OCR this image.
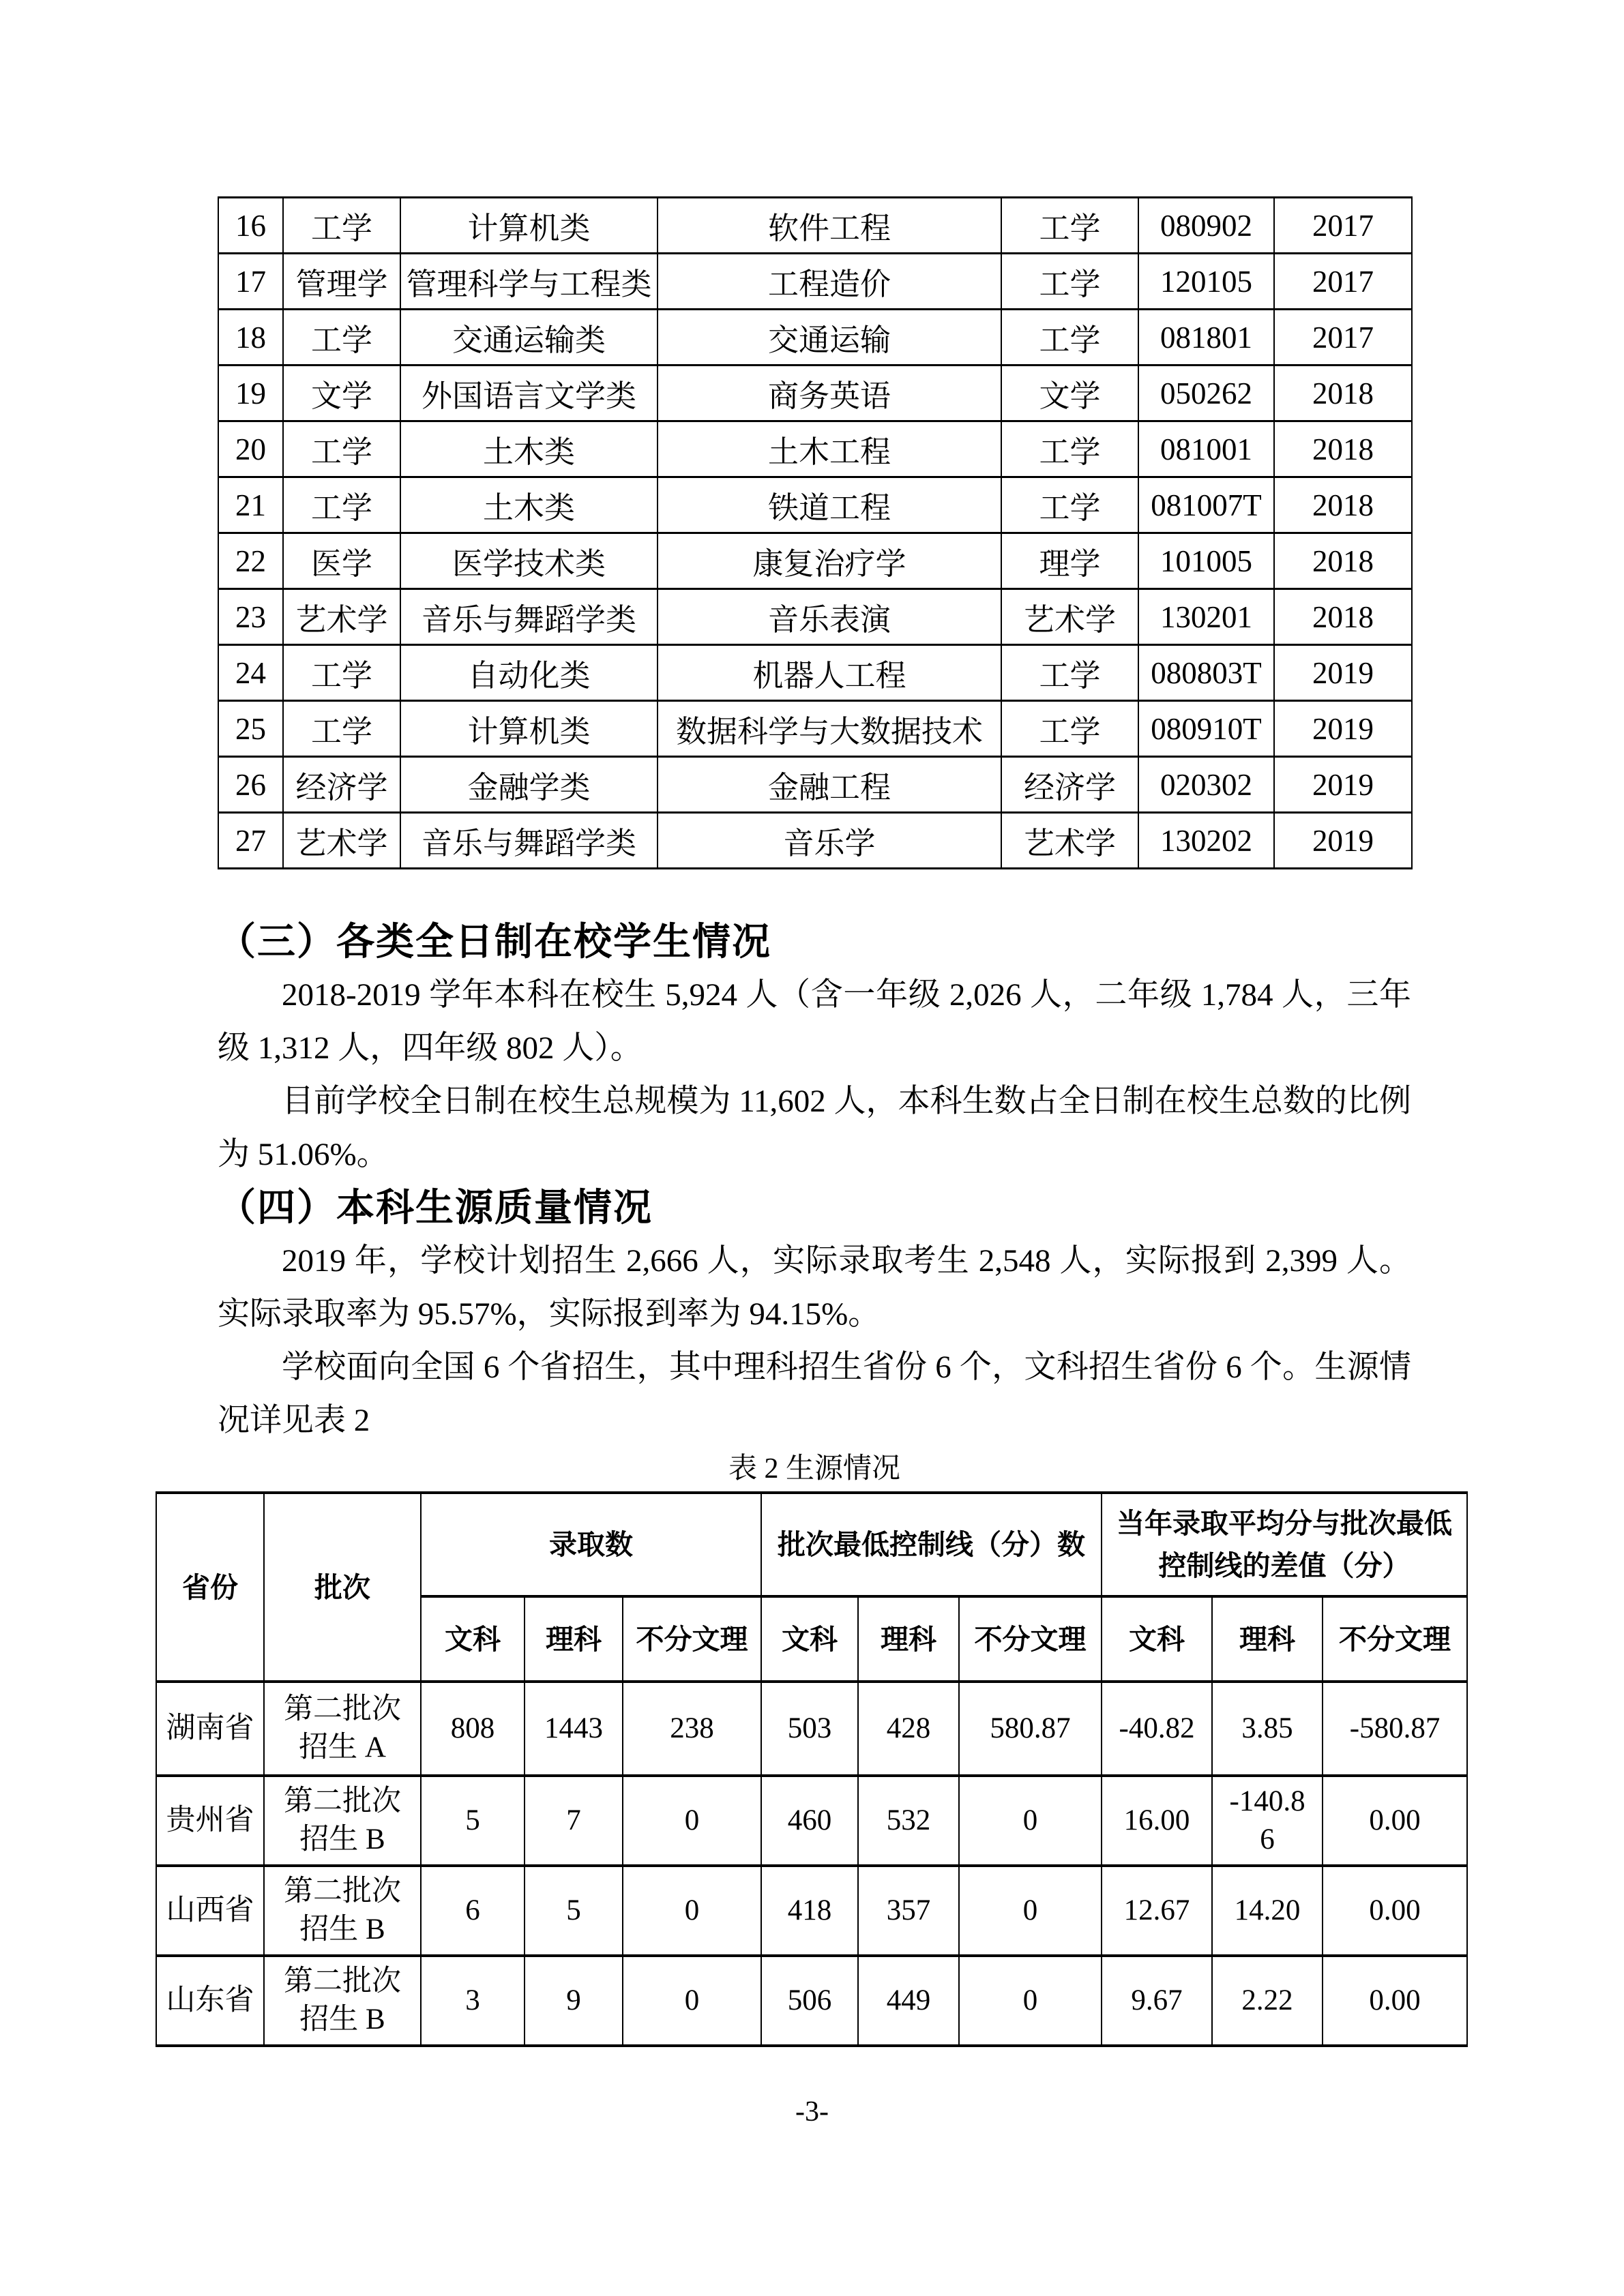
16	工学	计算机类	软件工程	工学	080902	2017
17	管理学	管理科学与工程类	工程造价	工学	120105	2017
18	工学	交通运输类	交通运输	工学	081801	2017
19	文学	外国语言文学类	商务英语	文学	050262	2018
20	工学	土木类	土木工程	工学	081001	2018
21	工学	土木类	铁道工程	工学	081007T	2018
22	医学	医学技术类	康复治疗学	理学	101005	2018
23	艺术学	音乐与舞蹈学类	音乐表演	艺术学	130201	2018
24	工学	自动化类	机器人工程	工学	080803T	2019
25	工学	计算机类	数据科学与大数据技术	工学	080910T	2019
26	经济学	金融学类	金融工程	经济学	020302	2019
27	艺术学	音乐与舞蹈学类	音乐学	艺术学	130202	2019
（三）各类全日制在校学生情况

2018-2019 学年本科在校生 5,924 人（含一年级 2,026 人，二年级 1,784 人，三年级 1,312 人，四年级 802 人）。

目前学校全日制在校生总规模为 11,602 人，本科生数占全日制在校生总数的比例为 51.06%。

（四）本科生源质量情况

2019 年，学校计划招生 2,666 人，实际录取考生 2,548 人，实际报到 2,399 人。实际录取率为 95.57%，实际报到率为 94.15%。

学校面向全国 6 个省招生，其中理科招生省份 6 个，文科招生省份 6 个。生源情况详见表 2

表 2 生源情况
省份	批次	录取数			批次最低控制线（分）数			当年录取平均分与批次最低控制线的差值（分）		
		文科	理科	不分文理	文科	理科	不分文理	文科	理科	不分文理
湖南省	第二批次招生 A	808	1443	238	503	428	580.87	-40.82	3.85	-580.87
贵州省	第二批次招生 B	5	7	0	460	532	0	16.00	-140.86	0.00
山西省	第二批次招生 B	6	5	0	418	357	0	12.67	14.20	0.00
山东省	第二批次招生 B	3	9	0	506	449	0	9.67	2.22	0.00
-3-
